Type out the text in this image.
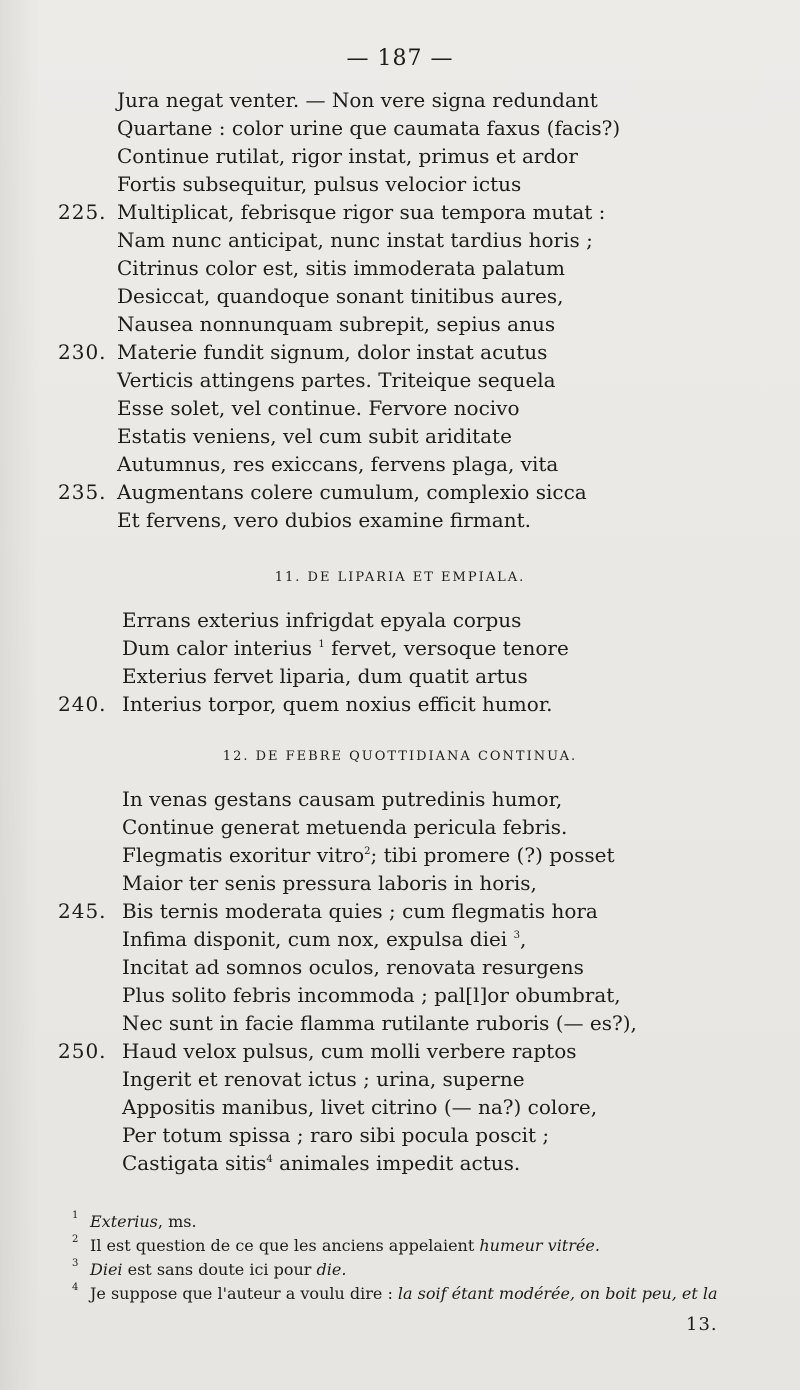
— 187 —
Jura negat venter. — Non vere signa redundant
Quartane : color urine que caumata faxus (facis?)
Continue rutilat, rigor instat, primus et ardor
Fortis subsequitur, pulsus velocior ictus
225. Multiplicat, febrisque rigor sua tempora mutat :
Nam nunc anticipat, nunc instat tardius horis ;
Citrinus color est, sitis immoderata palatum
Desiccat, quandoque sonant tinitibus aures,
Nausea nonnunquam subrepit, sepius anus
230. Materie fundit signum, dolor instat acutus
Verticis attingens partes. Triteique sequela
Esse solet, vel continue. Fervore nocivo
Estatis veniens, vel cum subit ariditate
Autumnus, res exiccans, fervens plaga, vita
235. Augmentans colere cumulum, complexio sicca
Et fervens, vero dubios examine firmant.
11. DE LIPARIA ET EMPIALA.
Errans exterius infrigdat epyala corpus
Dum calor interius $^1$ fervet, versoque tenore
Exterius fervet liparia, dum quatit artus
240. Interius torpor, quem noxius efficit humor.
12. DE FEBRE QUOTTIDIANA CONTINUA.
In venas gestans causam putredinis humor,
Continue generat metuenda pericula febris.
Flegmatis exoritur vitro$^2$; tibi promere (?) posset
Maior ter senis pressura laboris in horis,
245. Bis ternis moderata quies ; cum flegmatis hora
Infima disponit, cum nox, expulsa diei $^3$,
Incitat ad somnos oculos, renovata resurgens
Plus solito febris incommoda ; pal[l]or obumbrat,
Nec sunt in facie flamma rutilante ruboris (— es?),
250. Haud velox pulsus, cum molli verbere raptos
Ingerit et renovat ictus ; urina, superne
Appositis manibus, livet citrino (— na?) colore,
Per totum spissa ; raro sibi pocula poscit ;
Castigata sitis$^4$ animales impedit actus.
1 Exterius, ms.
2 Il est question de ce que les anciens appelaient humeur vitrée.
3 Diei est sans doute ici pour die.
4 Je suppose que l'auteur a voulu dire : la soif étant modérée, on boit peu, et la
13.
